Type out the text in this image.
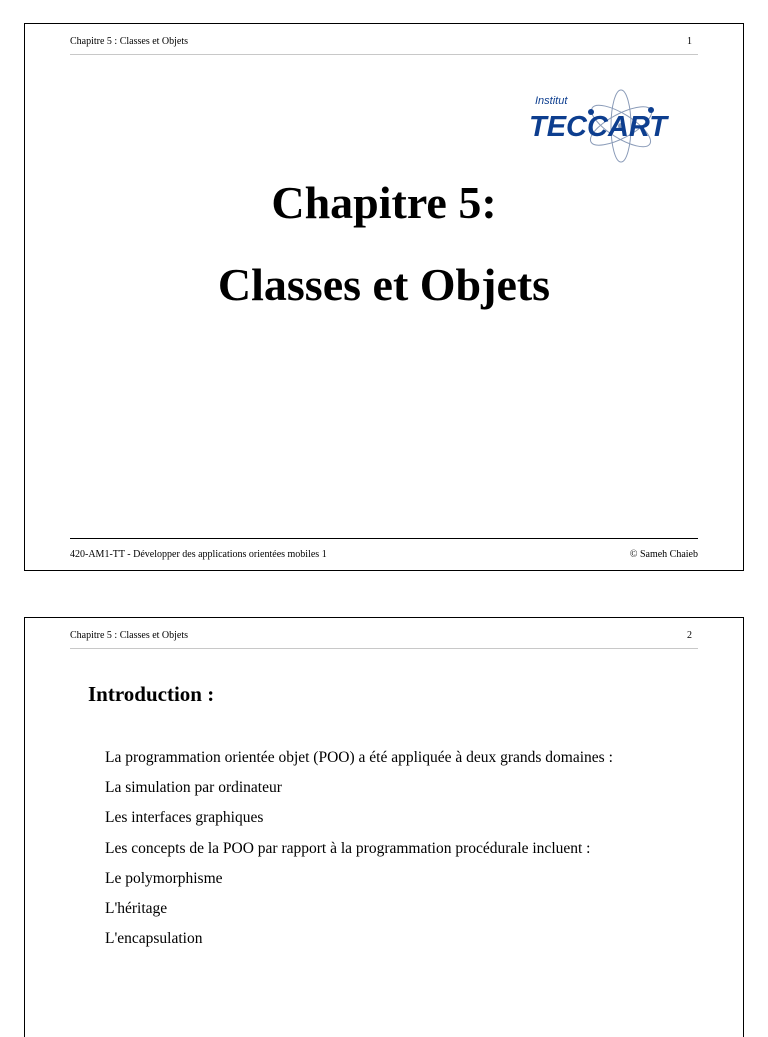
Chapitre 5 : Classes et Objets	1
Institut
TECCART
Chapitre 5:
Classes et Objets
420-AM1-TT - Développer des applications orientées mobiles 1	© Sameh Chaieb
Chapitre 5 : Classes et Objets	2
Introduction :
La programmation orientée objet (POO) a été appliquée à deux grands domaines :
La simulation par ordinateur
Les interfaces graphiques
Les concepts de la POO par rapport à la programmation procédurale incluent :
Le polymorphisme
L'héritage
L'encapsulation
